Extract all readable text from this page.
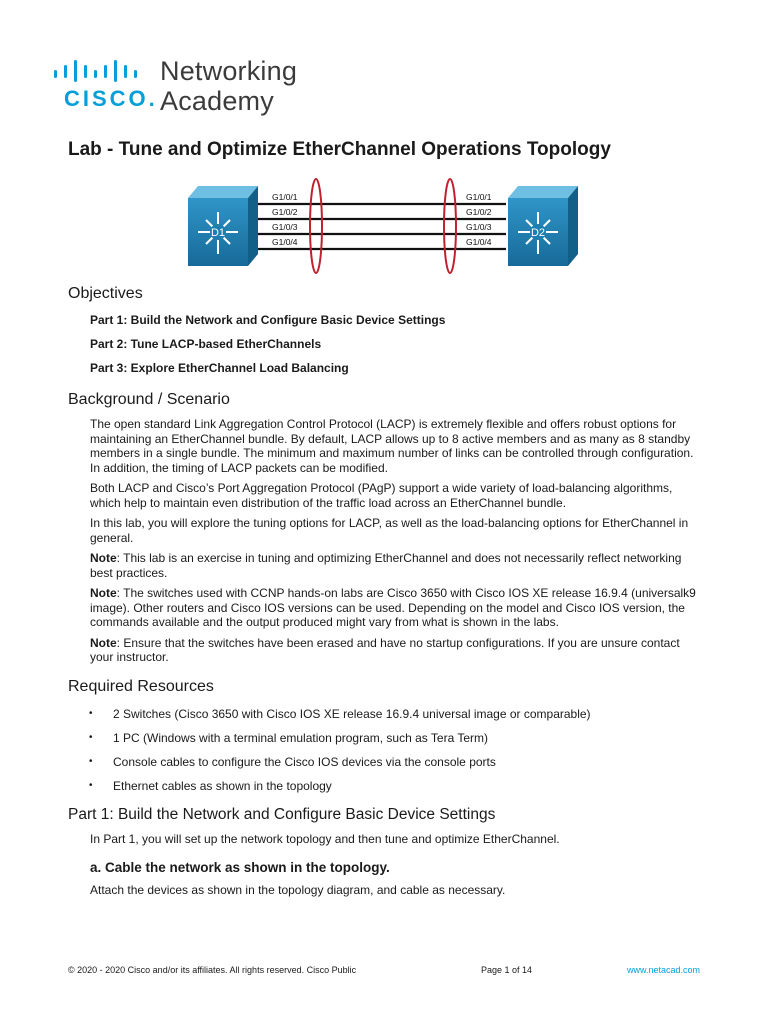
CISCO.
Networking
Academy
Lab - Tune and Optimize EtherChannel Operations Topology
D1	D2
G1/0/1
G1/0/2
G1/0/3
G1/0/4
G1/0/1
G1/0/2
G1/0/3
G1/0/4
Objectives
Part 1: Build the Network and Configure Basic Device Settings
Part 2: Tune LACP-based EtherChannels
Part 3: Explore EtherChannel Load Balancing
Background / Scenario
The open standard Link Aggregation Control Protocol (LACP) is extremely flexible and offers robust options for maintaining an EtherChannel bundle. By default, LACP allows up to 8 active members and as many as 8 standby members in a single bundle. The minimum and maximum number of links can be controlled through configuration. In addition, the timing of LACP packets can be modified.
Both LACP and Cisco’s Port Aggregation Protocol (PAgP) support a wide variety of load-balancing algorithms, which help to maintain even distribution of the traffic load across an EtherChannel bundle.
In this lab, you will explore the tuning options for LACP, as well as the load-balancing options for EtherChannel in general.
Note: This lab is an exercise in tuning and optimizing EtherChannel and does not necessarily reflect networking best practices.
Note: The switches used with CCNP hands-on labs are Cisco 3650 with Cisco IOS XE release 16.9.4 (universalk9 image). Other routers and Cisco IOS versions can be used. Depending on the model and Cisco IOS version, the commands available and the output produced might vary from what is shown in the labs.
Note: Ensure that the switches have been erased and have no startup configurations. If you are unsure contact your instructor.
Required Resources
• 2 Switches (Cisco 3650 with Cisco IOS XE release 16.9.4 universal image or comparable)
• 1 PC (Windows with a terminal emulation program, such as Tera Term)
• Console cables to configure the Cisco IOS devices via the console ports
• Ethernet cables as shown in the topology
Part 1: Build the Network and Configure Basic Device Settings
In Part 1, you will set up the network topology and then tune and optimize EtherChannel.
a. Cable the network as shown in the topology.
Attach the devices as shown in the topology diagram, and cable as necessary.
© 2020 - 2020 Cisco and/or its affiliates. All rights reserved. Cisco Public	Page 1 of 14	www.netacad.com
